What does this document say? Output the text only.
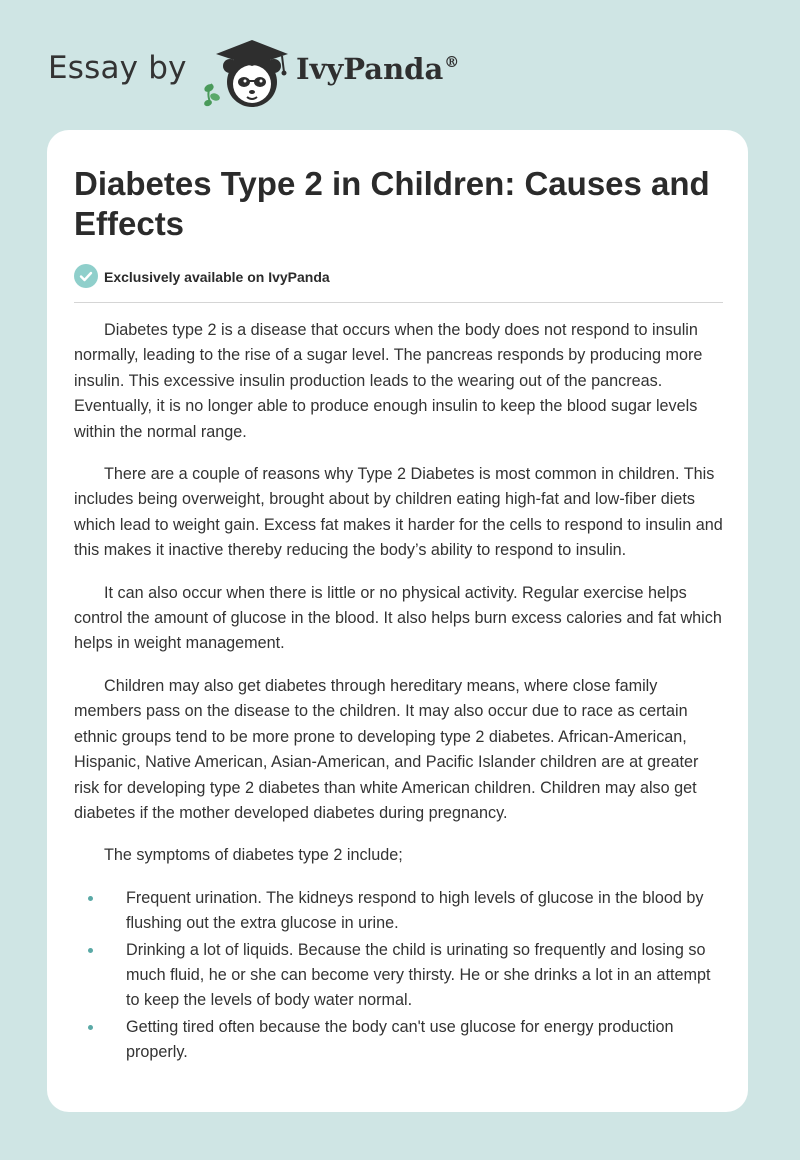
Essay by	IvyPanda®
Diabetes Type 2 in Children: Causes and Effects
Exclusively available on IvyPanda

Diabetes type 2 is a disease that occurs when the body does not respond to insulin normally, leading to the rise of a sugar level. The pancreas responds by producing more insulin. This excessive insulin production leads to the wearing out of the pancreas. Eventually, it is no longer able to produce enough insulin to keep the blood sugar levels within the normal range.

There are a couple of reasons why Type 2 Diabetes is most common in children. This includes being overweight, brought about by children eating high-fat and low-fiber diets which lead to weight gain. Excess fat makes it harder for the cells to respond to insulin and this makes it inactive thereby reducing the body’s ability to respond to insulin.

It can also occur when there is little or no physical activity. Regular exercise helps control the amount of glucose in the blood. It also helps burn excess calories and fat which helps in weight management.

Children may also get diabetes through hereditary means, where close family members pass on the disease to the children. It may also occur due to race as certain ethnic groups tend to be more prone to developing type 2 diabetes. African-American, Hispanic, Native American, Asian-American, and Pacific Islander children are at greater risk for developing type 2 diabetes than white American children. Children may also get diabetes if the mother developed diabetes during pregnancy.

The symptoms of diabetes type 2 include;

Frequent urination. The kidneys respond to high levels of glucose in the blood by flushing out the extra glucose in urine.
Drinking a lot of liquids. Because the child is urinating so frequently and losing so much fluid, he or she can become very thirsty. He or she drinks a lot in an attempt to keep the levels of body water normal.
Getting tired often because the body can't use glucose for energy production properly.
